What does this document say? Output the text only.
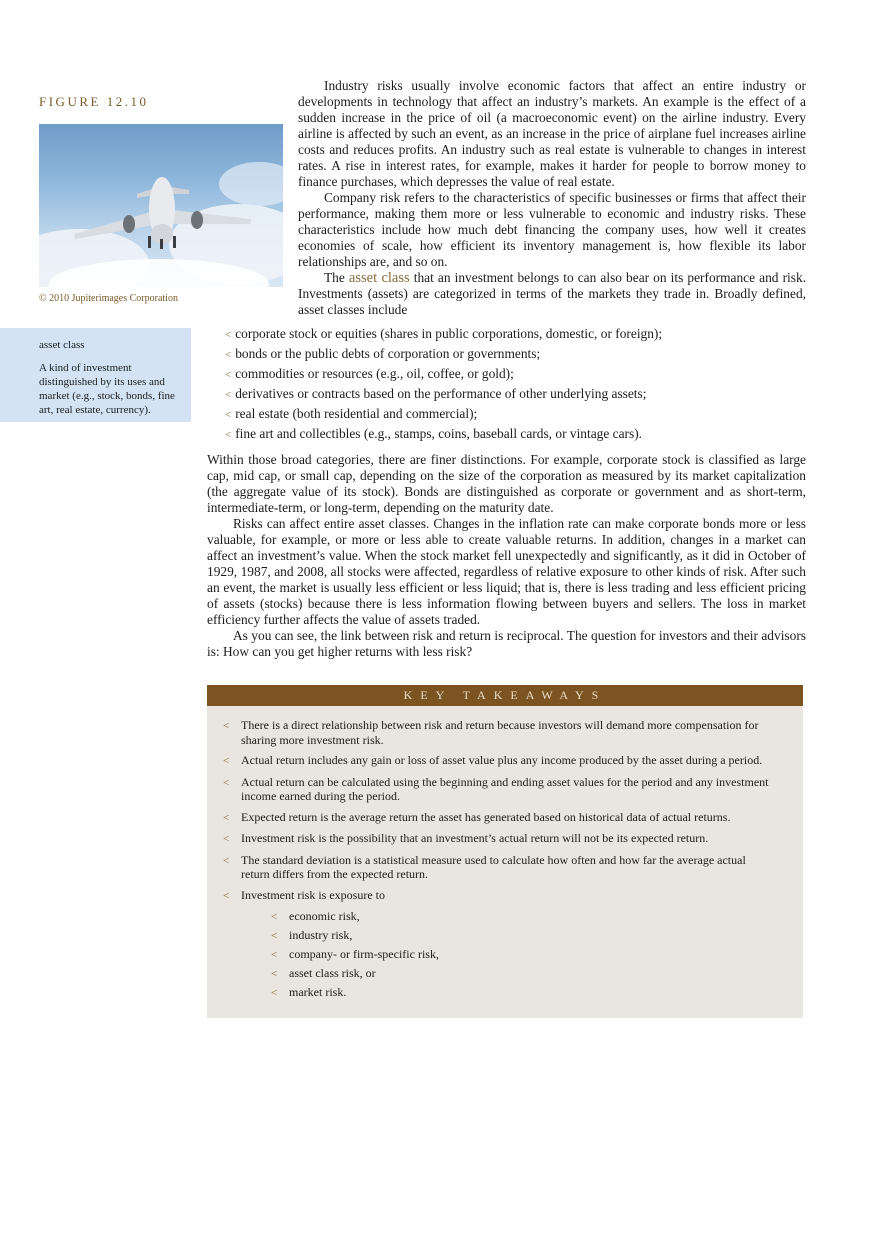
FIGURE 12.10
© 2010 Jupiterimages Corporation
asset class
A kind of investment distinguished by its uses and market (e.g., stock, bonds, fine art, real estate, currency).

Industry risks usually involve economic factors that affect an entire industry or developments in technology that affect an industry’s markets. An example is the effect of a sudden increase in the price of oil (a macroeconomic event) on the airline industry. Every airline is affected by such an event, as an increase in the price of airplane fuel increases airline costs and reduces profits. An industry such as real estate is vulnerable to changes in interest rates. A rise in interest rates, for example, makes it harder for people to borrow money to finance purchases, which depresses the value of real estate.

Company risk refers to the characteristics of specific businesses or firms that affect their performance, making them more or less vulnerable to economic and industry risks. These characteristics include how much debt financing the company uses, how well it creates economies of scale, how efficient its inventory management is, how flexible its labor relationships are, and so on.

The asset class that an investment belongs to can also bear on its performance and risk. Investments (assets) are categorized in terms of the markets they trade in. Broadly defined, asset classes include

< corporate stock or equities (shares in public corporations, domestic, or foreign);
< bonds or the public debts of corporation or governments;
< commodities or resources (e.g., oil, coffee, or gold);
< derivatives or contracts based on the performance of other underlying assets;
< real estate (both residential and commercial);
< fine art and collectibles (e.g., stamps, coins, baseball cards, or vintage cars).

Within those broad categories, there are finer distinctions. For example, corporate stock is classified as large cap, mid cap, or small cap, depending on the size of the corporation as measured by its market capitalization (the aggregate value of its stock). Bonds are distinguished as corporate or government and as short-term, intermediate-term, or long-term, depending on the maturity date.

Risks can affect entire asset classes. Changes in the inflation rate can make corporate bonds more or less valuable, for example, or more or less able to create valuable returns. In addition, changes in a market can affect an investment’s value. When the stock market fell unexpectedly and significantly, as it did in October of 1929, 1987, and 2008, all stocks were affected, regardless of relative exposure to other kinds of risk. After such an event, the market is usually less efficient or less liquid; that is, there is less trading and less efficient pricing of assets (stocks) because there is less information flowing between buyers and sellers. The loss in market efficiency further affects the value of assets traded.

As you can see, the link between risk and return is reciprocal. The question for investors and their advisors is: How can you get higher returns with less risk?

KEY TAKEAWAYS
< There is a direct relationship between risk and return because investors will demand more compensation for sharing more investment risk.
< Actual return includes any gain or loss of asset value plus any income produced by the asset during a period.
< Actual return can be calculated using the beginning and ending asset values for the period and any investment income earned during the period.
< Expected return is the average return the asset has generated based on historical data of actual returns.
< Investment risk is the possibility that an investment’s actual return will not be its expected return.
< The standard deviation is a statistical measure used to calculate how often and how far the average actual return differs from the expected return.
< Investment risk is exposure to
< economic risk,
< industry risk,
< company- or firm-specific risk,
< asset class risk, or
< market risk.
